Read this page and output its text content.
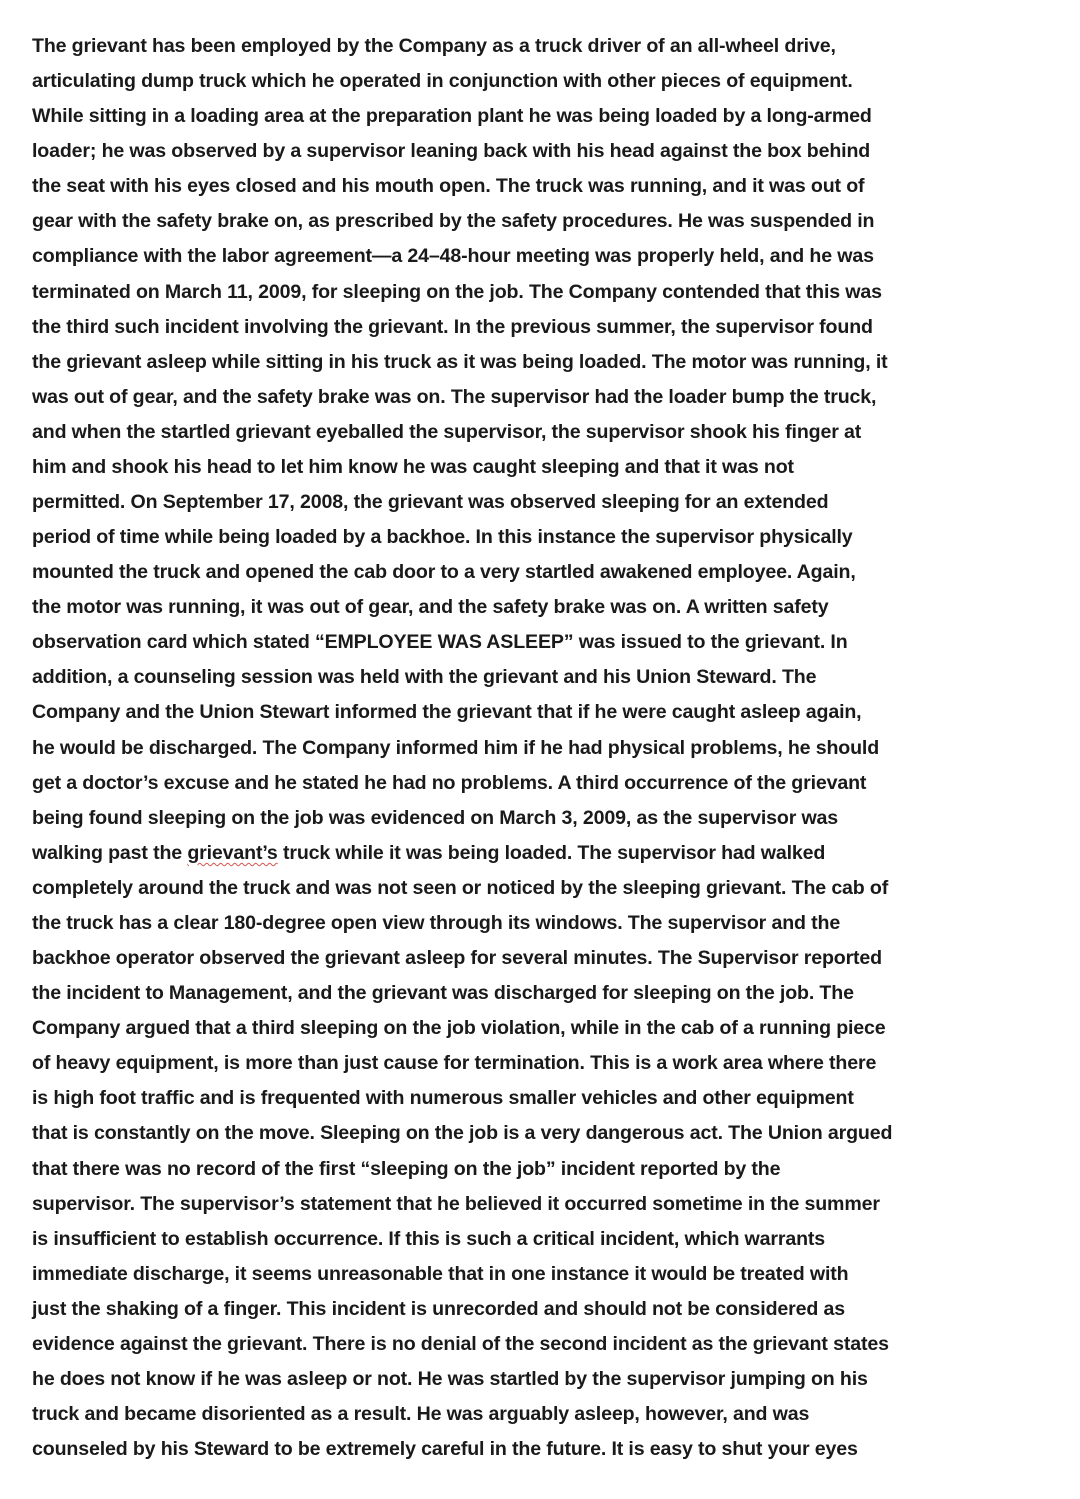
The grievant has been employed by the Company as a truck driver of an all-wheel drive,
articulating dump truck which he operated in conjunction with other pieces of equipment.
While sitting in a loading area at the preparation plant he was being loaded by a long-armed
loader; he was observed by a supervisor leaning back with his head against the box behind
the seat with his eyes closed and his mouth open. The truck was running, and it was out of
gear with the safety brake on, as prescribed by the safety procedures. He was suspended in
compliance with the labor agreement—a 24–48-hour meeting was properly held, and he was
terminated on March 11, 2009, for sleeping on the job. The Company contended that this was
the third such incident involving the grievant. In the previous summer, the supervisor found
the grievant asleep while sitting in his truck as it was being loaded. The motor was running, it
was out of gear, and the safety brake was on. The supervisor had the loader bump the truck,
and when the startled grievant eyeballed the supervisor, the supervisor shook his finger at
him and shook his head to let him know he was caught sleeping and that it was not
permitted. On September 17, 2008, the grievant was observed sleeping for an extended
period of time while being loaded by a backhoe. In this instance the supervisor physically
mounted the truck and opened the cab door to a very startled awakened employee. Again,
the motor was running, it was out of gear, and the safety brake was on. A written safety
observation card which stated “EMPLOYEE WAS ASLEEP” was issued to the grievant. In
addition, a counseling session was held with the grievant and his Union Steward. The
Company and the Union Stewart informed the grievant that if he were caught asleep again,
he would be discharged. The Company informed him if he had physical problems, he should
get a doctor’s excuse and he stated he had no problems. A third occurrence of the grievant
being found sleeping on the job was evidenced on March 3, 2009, as the supervisor was
walking past the grievant’s truck while it was being loaded. The supervisor had walked
completely around the truck and was not seen or noticed by the sleeping grievant. The cab of
the truck has a clear 180-degree open view through its windows. The supervisor and the
backhoe operator observed the grievant asleep for several minutes. The Supervisor reported
the incident to Management, and the grievant was discharged for sleeping on the job. The
Company argued that a third sleeping on the job violation, while in the cab of a running piece
of heavy equipment, is more than just cause for termination. This is a work area where there
is high foot traffic and is frequented with numerous smaller vehicles and other equipment
that is constantly on the move. Sleeping on the job is a very dangerous act. The Union argued
that there was no record of the first “sleeping on the job” incident reported by the
supervisor. The supervisor’s statement that he believed it occurred sometime in the summer
is insufficient to establish occurrence. If this is such a critical incident, which warrants
immediate discharge, it seems unreasonable that in one instance it would be treated with
just the shaking of a finger. This incident is unrecorded and should not be considered as
evidence against the grievant. There is no denial of the second incident as the grievant states
he does not know if he was asleep or not. He was startled by the supervisor jumping on his
truck and became disoriented as a result. He was arguably asleep, however, and was
counseled by his Steward to be extremely careful in the future. It is easy to shut your eyes
